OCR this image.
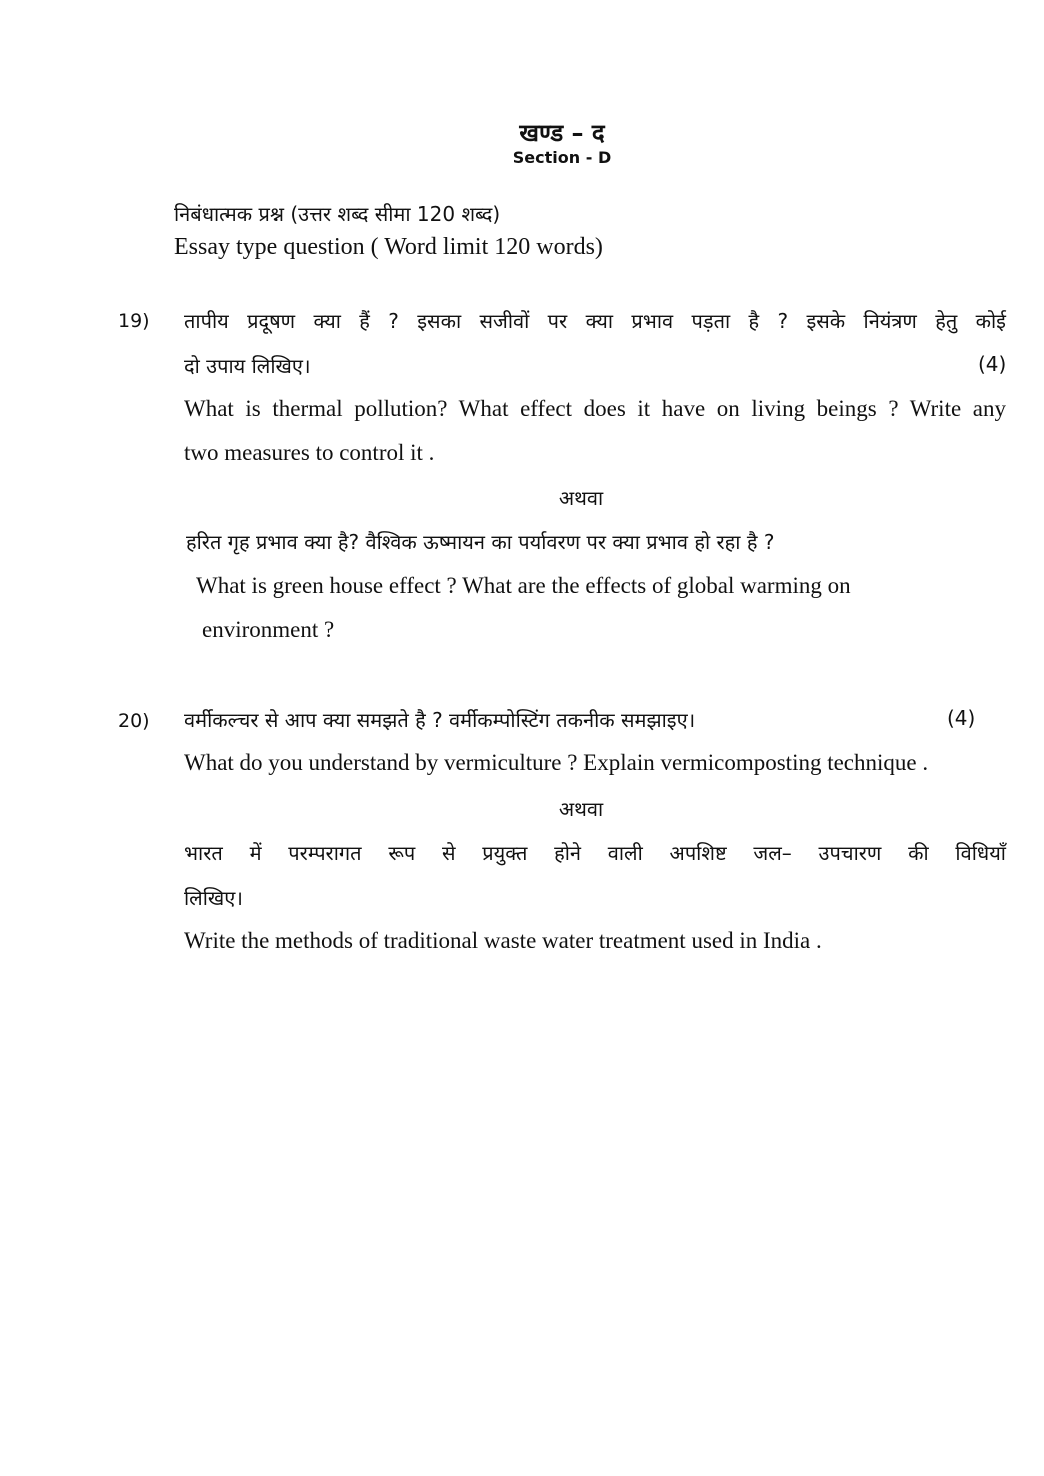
खण्ड – द
Section - D
निबंधात्मक प्रश्न (उत्तर शब्द सीमा 120 शब्द)
Essay type question ( Word limit 120 words)
19) तापीय प्रदूषण क्या हैं ? इसका सजीवों पर क्या प्रभाव पड़ता है ? इसके नियंत्रण हेतु कोई
दो उपाय लिखिए।	(4)
What is thermal pollution? What effect does it have on living beings ? Write any
two measures to control it .
अथवा
हरित गृह प्रभाव क्या है? वैश्विक ऊष्मायन का पर्यावरण पर क्या प्रभाव हो रहा है ?
What is green house effect ? What are the effects of global warming on
environment ?
20) वर्मीकल्चर से आप क्या समझते है ? वर्मीकम्पोस्टिंग तकनीक समझाइए।	(4)
What do you understand by vermiculture ? Explain vermicomposting technique .
अथवा
भारत में परम्परागत रूप से प्रयुक्त होने वाली अपशिष्ट जल– उपचारण की विधियाँ
लिखिए।
Write the methods of traditional waste water treatment used in India .
